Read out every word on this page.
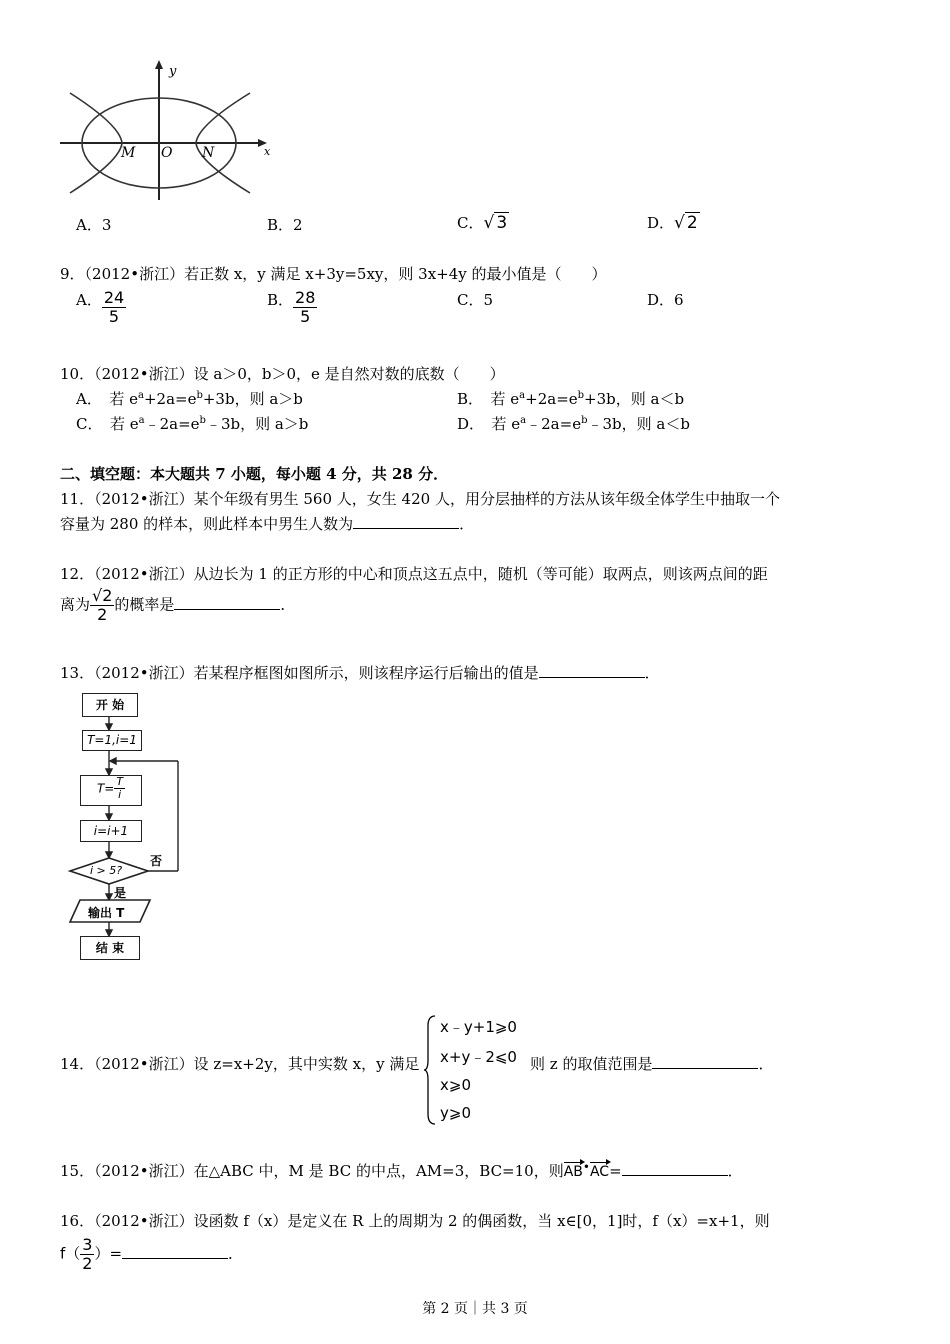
y
x
M O N
A．3	B．2	C．√ 3	D．√ 2
9．（2012•浙江）若正数 x，y 满足 x+3y=5xy，则 3x+4y 的最小值是（　　）
A． $\frac{24}{5}$	B． $\frac{28}{5}$	C．5	D．6
10．（2012•浙江）设 a＞0，b＞0，e 是自然对数的底数（　　）
A．　若 $e^a+2a=e^b+3b$，则 a＞b	B．　若 $e^a+2a=e^b+3b$，则 a＜b
C．　若 $e^a﹣2a=e^b﹣3b$，则 a＞b	D．　若 $e^a﹣2a=e^b﹣3b$，则 a＜b
二、填空题：本大题共 7 小题，每小题 4 分，共 28 分．
11．（2012•浙江）某个年级有男生 560 人，女生 420 人，用分层抽样的方法从该年级全体学生中抽取一个
容量为 280 的样本，则此样本中男生人数为	．
12．（2012•浙江）从边长为 1 的正方形的中心和顶点这五点中，随机（等可能）取两点，则该两点间的距
离为 $\frac{√2}{2}$ 的概率是	．
13．（2012•浙江）若某程序框图如图所示，则该程序运行后输出的值是	．
开 始
T=1,i=1
$T= \frac{T}{i}$
i=i+1
i > 5?
否
是
输出 T
结 束
14．（2012•浙江）设 z=x+2y，其中实数 x，y 满足
x﹣y+1⩾0
x+y﹣2⩽0
x⩾0
y⩾0
则 z 的取值范围是	．
15．（2012•浙江）在△ABC 中，M 是 BC 的中点，AM=3，BC=10，则AB•AC=	．
16．（2012•浙江）设函数 f（x）是定义在 R 上的周期为 2 的偶函数，当 x∈[0，1]时，f（x）=x+1，则
$f( \frac{3}{2}$ ）=	．
第 2 页｜共 3 页
